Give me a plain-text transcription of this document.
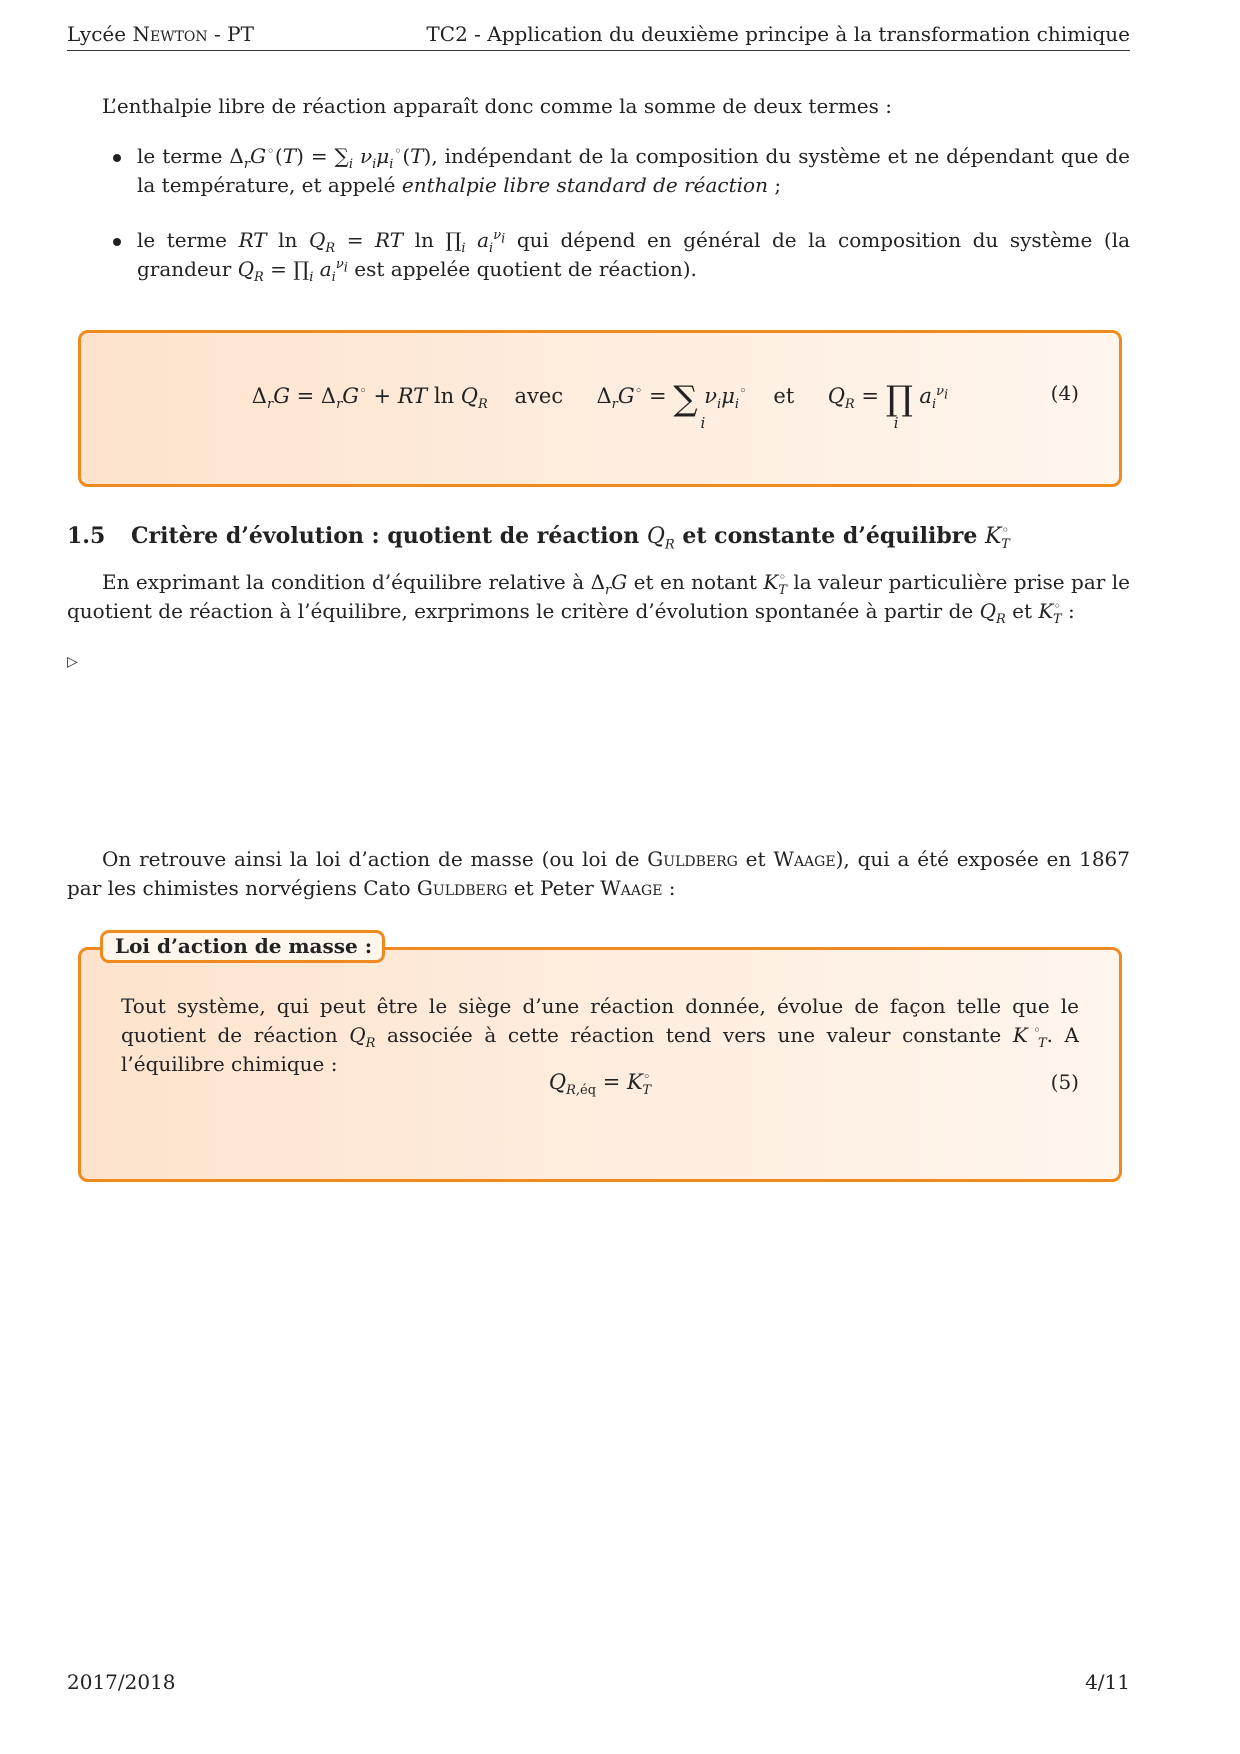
Lycée Newton - PT	TC2 - Application du deuxième principe à la transformation chimique
L’enthalpie libre de réaction apparaît donc comme la somme de deux termes :
le terme $\Delta_rG^◦(T) = \sum_i$ $\nu_i\mu_i^◦(T)$, indépendant de la composition du système et ne dépendant que de la température, et appelé enthalpie libre standard de réaction ;
le terme RT $\ln Q_R$ = RT $\ln \prod_i$ $a_i^{\nu_i}$ qui dépend en général de la composition du système (la grandeur $Q_R$ = $\prod_i$ $a_i^{\nu_i}$ est appelée quotient de réaction).
$\Delta_rG = \Delta_rG^◦$ + RT $\ln Q_R$ avec $\Delta_rG^◦$ = ∑
i
$\nu_i\mu_i^◦$ et $Q_R$ = ∏
i
$a_i^{\nu_i}$	(4)
1.5 Critère d’évolution : quotient de réaction $Q_R$ et constante d’équilibre $K^◦_T$
En exprimant la condition d’équilibre relative à $\Delta_rG$ et en notant $K^◦_T$ la valeur particulière prise par le quotient de réaction à l’équilibre, exrprimons le critère d’évolution spontanée à partir de $Q_R$ et $K^◦_T$ :
▷
On retrouve ainsi la loi d’action de masse (ou loi de Guldberg et Waage), qui a été exposée en 1867 par les chimistes norvégiens Cato Guldberg et Peter Waage :
Tout système, qui peut être le siège d’une réaction donnée, évolue de façon telle que le quotient de réaction $Q_R$ associée à cette réaction tend vers une valeur constante $K^◦_T$. A l’équilibre chimique :
$Q_{R,éq} = K^◦_T$	(5)
Loi d’action de masse :
2017/2018	4/11
